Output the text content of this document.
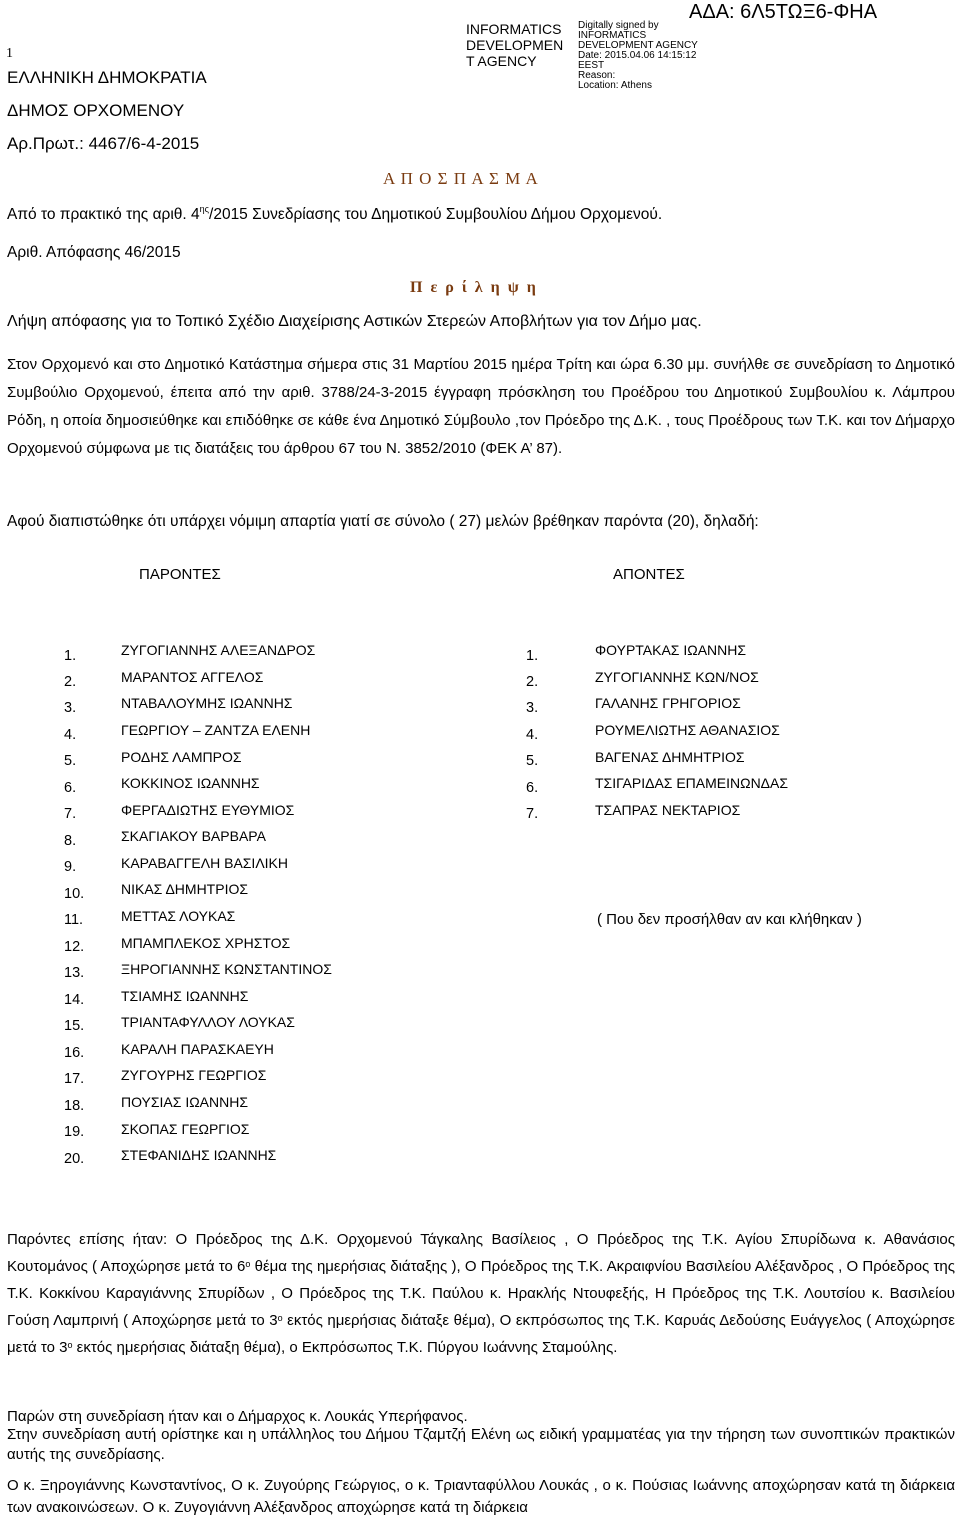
ΑΔΑ: 6Λ5ΤΩΞ6-ΦΗΑ
INFORMATICS
DEVELOPMEN
T AGENCY
Digitally signed by
INFORMATICS
DEVELOPMENT AGENCY
Date: 2015.04.06 14:15:12
EEST
Reason:
Location: Athens
1
ΕΛΛΗΝΙΚΗ ΔΗΜΟΚΡΑΤΙΑ
ΔΗΜΟΣ ΟΡΧΟΜΕΝΟΥ
Αρ.Πρωτ.: 4467/6-4-2015
Α Π Ο Σ Π Α Σ Μ Α
Από το πρακτικό της αριθ. $4^{\eta\varsigma}/2015$ Συνεδρίασης του Δημοτικού Συμβουλίου Δήμου Ορχομενού.
Αριθ. Απόφασης 46/2015
Π ε ρ ί λ η ψ η
Λήψη απόφασης για το Τοπικό Σχέδιο Διαχείρισης Αστικών Στερεών Αποβλήτων για τον Δήμο μας.
Στον Ορχομενό και στο Δημοτικό Κατάστημα σήμερα στις 31 Μαρτίου 2015 ημέρα Τρίτη και ώρα 6.30 μμ. συνήλθε σε συνεδρίαση το Δημοτικό Συμβούλιο Ορχομενού, έπειτα από την αριθ. 3788/24-3-2015 έγγραφη πρόσκληση του Προέδρου του Δημοτικού Συμβουλίου κ. Λάμπρου Ρόδη, η οποία δημοσιεύθηκε και επιδόθηκε σε κάθε ένα Δημοτικό Σύμβουλο ,τον Πρόεδρο της Δ.Κ. , τους Προέδρους των Τ.Κ. και τον Δήμαρχο Ορχομενού σύμφωνα με τις διατάξεις του άρθρου 67 του Ν. 3852/2010 (ΦΕΚ Α’ 87).
Αφού διαπιστώθηκε ότι υπάρχει νόμιμη απαρτία γιατί σε σύνολο ( 27) μελών βρέθηκαν παρόντα (20), δηλαδή:
ΠΑΡΟΝΤΕΣ	ΑΠΟΝΤΕΣ
1.	ΖΥΓΟΓΙΑΝΝΗΣ ΑΛΕΞΑΝΔΡΟΣ
2.	ΜΑΡΑΝΤΟΣ ΑΓΓΕΛΟΣ
3.	ΝΤΑΒΑΛΟΥΜΗΣ ΙΩΑΝΝΗΣ
4.	ΓΕΩΡΓΙΟΥ – ΖΑΝΤΖΑ ΕΛΕΝΗ
5.	ΡΟΔΗΣ ΛΑΜΠΡΟΣ
6.	ΚΟΚΚΙΝΟΣ ΙΩΑΝΝΗΣ
7.	ΦΕΡΓΑΔΙΩΤΗΣ ΕΥΘΥΜΙΟΣ
8.	ΣΚΑΓΙΑΚΟΥ ΒΑΡΒΑΡΑ
9.	ΚΑΡΑΒΑΓΓΕΛΗ ΒΑΣΙΛΙΚΗ
10.	ΝΙΚΑΣ ΔΗΜΗΤΡΙΟΣ
11.	ΜΕΤΤΑΣ ΛΟΥΚΑΣ
12.	ΜΠΑΜΠΛΕΚΟΣ ΧΡΗΣΤΟΣ
13.	ΞΗΡΟΓΙΑΝΝΗΣ ΚΩΝΣΤΑΝΤΙΝΟΣ
14.	ΤΣΙΑΜΗΣ ΙΩΑΝΝΗΣ
15.	ΤΡΙΑΝΤΑΦΥΛΛΟΥ ΛΟΥΚΑΣ
16.	ΚΑΡΑΛΗ ΠΑΡΑΣΚΑΕΥΗ
17.	ΖΥΓΟΥΡΗΣ ΓΕΩΡΓΙΟΣ
18.	ΠΟΥΣΙΑΣ ΙΩΑΝΝΗΣ
19.	ΣΚΟΠΑΣ ΓΕΩΡΓΙΟΣ
20.	ΣΤΕΦΑΝΙΔΗΣ ΙΩΑΝΝΗΣ
1.	ΦΟΥΡΤΑΚΑΣ ΙΩΑΝΝΗΣ
2.	ΖΥΓΟΓΙΑΝΝΗΣ ΚΩΝ/ΝΟΣ
3.	ΓΑΛΑΝΗΣ ΓΡΗΓΟΡΙΟΣ
4.	ΡΟΥΜΕΛΙΩΤΗΣ ΑΘΑΝΑΣΙΟΣ
5.	ΒΑΓΕΝΑΣ ΔΗΜΗΤΡΙΟΣ
6.	ΤΣΙΓΑΡΙΔΑΣ ΕΠΑΜΕΙΝΩΝΔΑΣ
7.	ΤΣΑΠΡΑΣ ΝΕΚΤΑΡΙΟΣ
( Που δεν προσήλθαν αν και κλήθηκαν )
Παρόντες επίσης ήταν: Ο Πρόεδρος της Δ.Κ. Ορχομενού Τάγκαλης Βασίλειος , Ο Πρόεδρος της Τ.Κ. Αγίου Σπυρίδωνα κ. Αθανάσιος Κουτομάνος ( Αποχώρησε μετά το $6^o$ θέμα της ημερήσιας διάταξης ), Ο Πρόεδρος της Τ.Κ. Ακραιφνίου Βασιλείου Αλέξανδρος , Ο Πρόεδρος της Τ.Κ. Κοκκίνου Καραγιάννης Σπυρίδων , Ο Πρόεδρος της Τ.Κ. Παύλου κ. Ηρακλής Ντουφεξής, Η Πρόεδρος της Τ.Κ. Λουτσίου κ. Βασιλείου Γούση Λαμπρινή ( Αποχώρησε μετά το $3^o$ εκτός ημερήσιας διάταξε θέμα), Ο εκπρόσωπος της Τ.Κ. Καρυάς Δεδούσης Ευάγγελος ( Αποχώρησε μετά το $3^o$ εκτός ημερήσιας διάταξη θέμα), ο Εκπρόσωπος Τ.Κ. Πύργου Ιωάννης Σταμούλης.
Παρών στη συνεδρίαση ήταν και ο Δήμαρχος κ. Λουκάς Υπερήφανος.
Στην συνεδρίαση αυτή ορίστηκε και η υπάλληλος του Δήμου Τζαμτζή Ελένη ως ειδική γραμματέας για την τήρηση των συνοπτικών πρακτικών αυτής της συνεδρίασης.
Ο κ. Ξηρογιάννης Κωνσταντίνος, Ο κ. Ζυγούρης Γεώργιος, ο κ. Τριανταφύλλου Λουκάς , ο κ. Πούσιας Ιωάννης αποχώρησαν κατά τη διάρκεια των ανακοινώσεων. Ο κ. Ζυγογιάννη Αλέξανδρος αποχώρησε κατά τη διάρκεια
